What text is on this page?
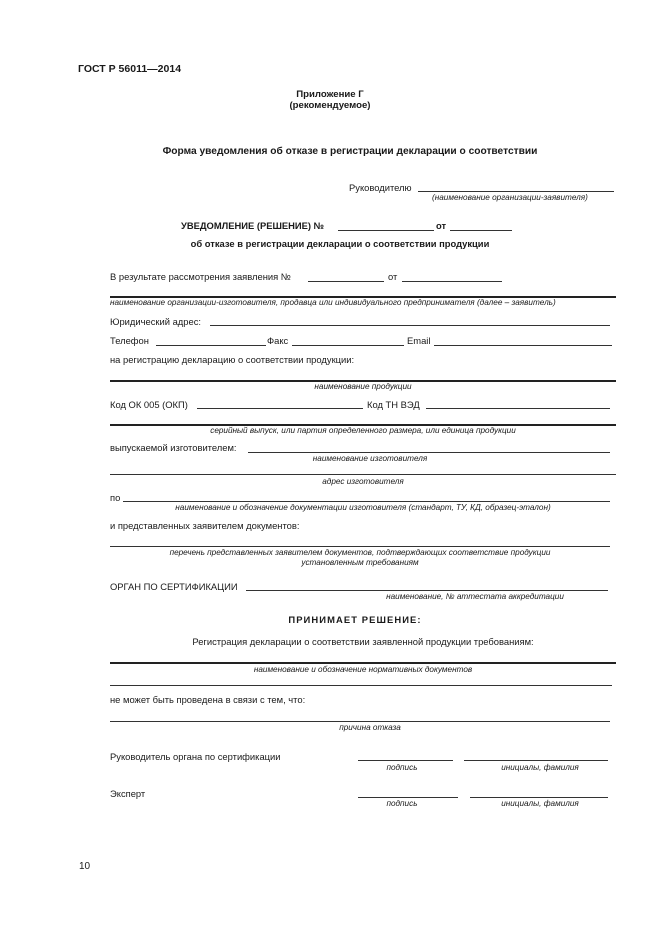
ГОСТ Р 56011—2014
Приложение Г
(рекомендуемое)
Форма уведомления об отказе в регистрации декларации о соответствии
Руководителю
(наименование организации-заявителя)
УВЕДОМЛЕНИЕ (РЕШЕНИЕ) №	от
об отказе в регистрации декларации о соответствии продукции
В результате рассмотрения заявления №	от
наименование организации-изготовителя, продавца или индивидуального предпринимателя (далее – заявитель)
Юридический адрес:
Телефон	Факс	Email
на регистрацию декларацию о соответствии продукции:
наименование продукции
Код ОК 005 (ОКП)	Код ТН ВЭД
серийный выпуск, или партия определенного размера, или единица продукции
выпускаемой изготовителем:
наименование изготовителя
адрес изготовителя
по
наименование и обозначение документации изготовителя (стандарт, ТУ, КД, образец-эталон)
и представленных заявителем документов:
перечень представленных заявителем документов, подтверждающих соответствие продукции
установленным требованиям
ОРГАН ПО СЕРТИФИКАЦИИ
наименование, № аттестата аккредитации
ПРИНИМАЕТ РЕШЕНИЕ:
Регистрация декларации о соответствии заявленной продукции требованиям:
наименование и обозначение нормативных документов
не может быть проведена в связи с тем, что:
причина отказа
Руководитель органа по сертификации
подпись	инициалы, фамилия
Эксперт
подпись	инициалы, фамилия
10
